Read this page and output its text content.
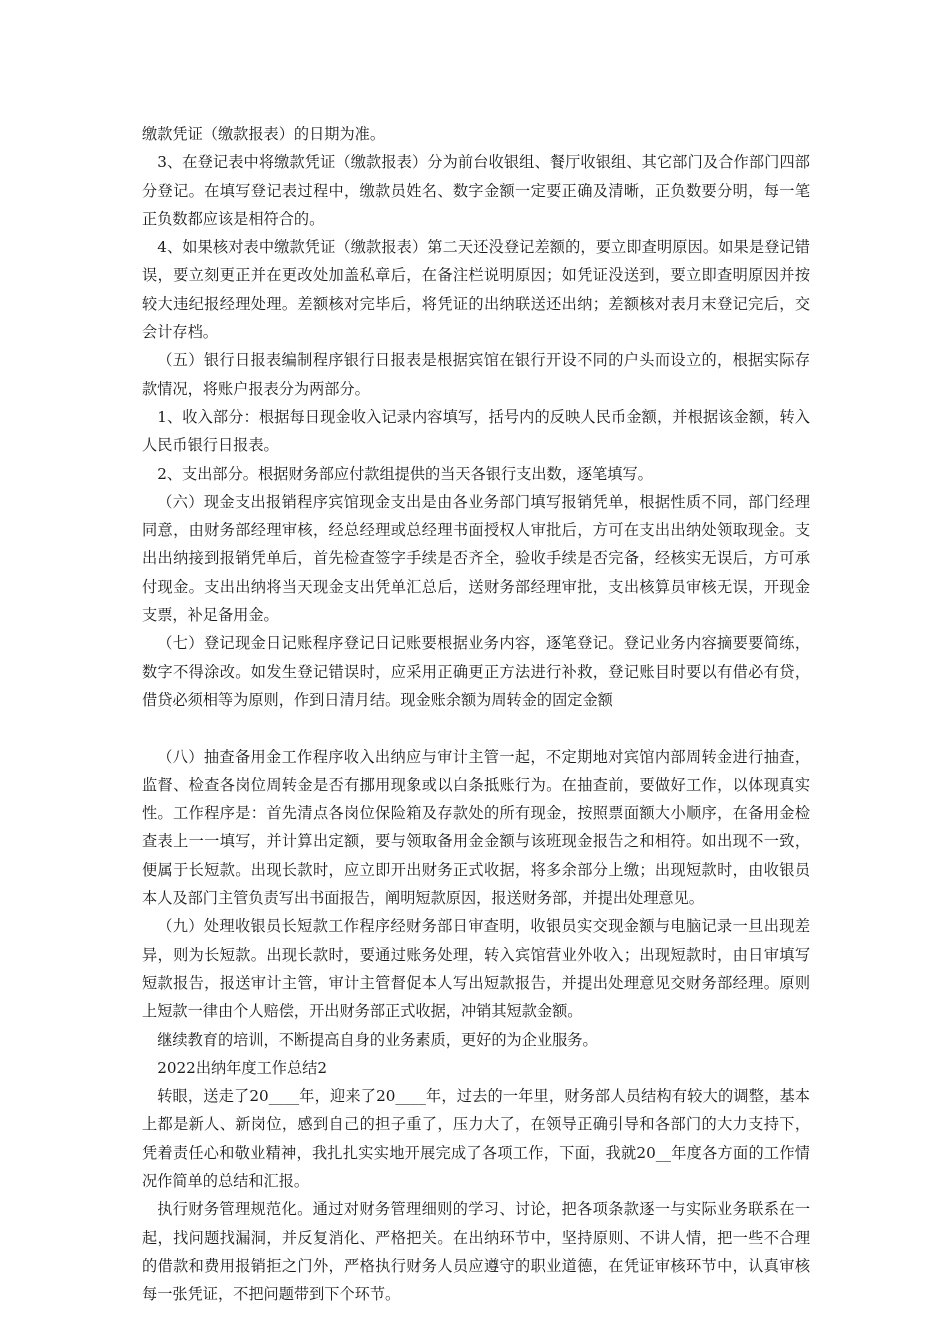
缴款凭证（缴款报表）的日期为准。

3、在登记表中将缴款凭证（缴款报表）分为前台收银组、餐厅收银组、其它部门及合作部门四部分登记。在填写登记表过程中，缴款员姓名、数字金额一定要正确及清晰，正负数要分明，每一笔正负数都应该是相符合的。

4、如果核对表中缴款凭证（缴款报表）第二天还没登记差额的，要立即查明原因。如果是登记错误，要立刻更正并在更改处加盖私章后，在备注栏说明原因；如凭证没送到，要立即查明原因并按较大违纪报经理处理。差额核对完毕后，将凭证的出纳联送还出纳；差额核对表月末登记完后，交会计存档。

（五）银行日报表编制程序银行日报表是根据宾馆在银行开设不同的户头而设立的，根据实际存款情况，将账户报表分为两部分。

1、收入部分：根据每日现金收入记录内容填写，括号内的反映人民币金额，并根据该金额，转入人民币银行日报表。

2、支出部分。根据财务部应付款组提供的当天各银行支出数，逐笔填写。

（六）现金支出报销程序宾馆现金支出是由各业务部门填写报销凭单，根据性质不同，部门经理同意，由财务部经理审核，经总经理或总经理书面授权人审批后，方可在支出出纳处领取现金。支出出纳接到报销凭单后，首先检查签字手续是否齐全，验收手续是否完备，经核实无误后，方可承付现金。支出出纳将当天现金支出凭单汇总后，送财务部经理审批，支出核算员审核无误，开现金支票，补足备用金。

（七）登记现金日记账程序登记日记账要根据业务内容，逐笔登记。登记业务内容摘要要简练，数字不得涂改。如发生登记错误时，应采用正确更正方法进行补救，登记账目时要以有借必有贷，借贷必须相等为原则，作到日清月结。现金账余额为周转金的固定金额

（八）抽查备用金工作程序收入出纳应与审计主管一起，不定期地对宾馆内部周转金进行抽查，监督、检查各岗位周转金是否有挪用现象或以白条抵账行为。在抽查前，要做好工作，以体现真实性。工作程序是：首先清点各岗位保险箱及存款处的所有现金，按照票面额大小顺序，在备用金检查表上一一填写，并计算出定额，要与领取备用金金额与该班现金报告之和相符。如出现不一致，便属于长短款。出现长款时，应立即开出财务正式收据，将多余部分上缴；出现短款时，由收银员本人及部门主管负责写出书面报告，阐明短款原因，报送财务部，并提出处理意见。

（九）处理收银员长短款工作程序经财务部日审查明，收银员实交现金额与电脑记录一旦出现差异，则为长短款。出现长款时，要通过账务处理，转入宾馆营业外收入；出现短款时，由日审填写短款报告，报送审计主管，审计主管督促本人写出短款报告，并提出处理意见交财务部经理。原则上短款一律由个人赔偿，开出财务部正式收据，冲销其短款金额。

继续教育的培训，不断提高自身的业务素质，更好的为企业服务。

2022出纳年度工作总结2

转眼，送走了20____年，迎来了20____年，过去的一年里，财务部人员结构有较大的调整，基本上都是新人、新岗位，感到自己的担子重了，压力大了，在领导正确引导和各部门的大力支持下，凭着责任心和敬业精神，我扎扎实实地开展完成了各项工作，下面，我就20__年度各方面的工作情况作简单的总结和汇报。

执行财务管理规范化。通过对财务管理细则的学习、讨论，把各项条款逐一与实际业务联系在一起，找问题找漏洞，并反复消化、严格把关。在出纳环节中，坚持原则、不讲人情，把一些不合理的借款和费用报销拒之门外，严格执行财务人员应遵守的职业道德，在凭证审核环节中，认真审核每一张凭证，不把问题带到下个环节。
